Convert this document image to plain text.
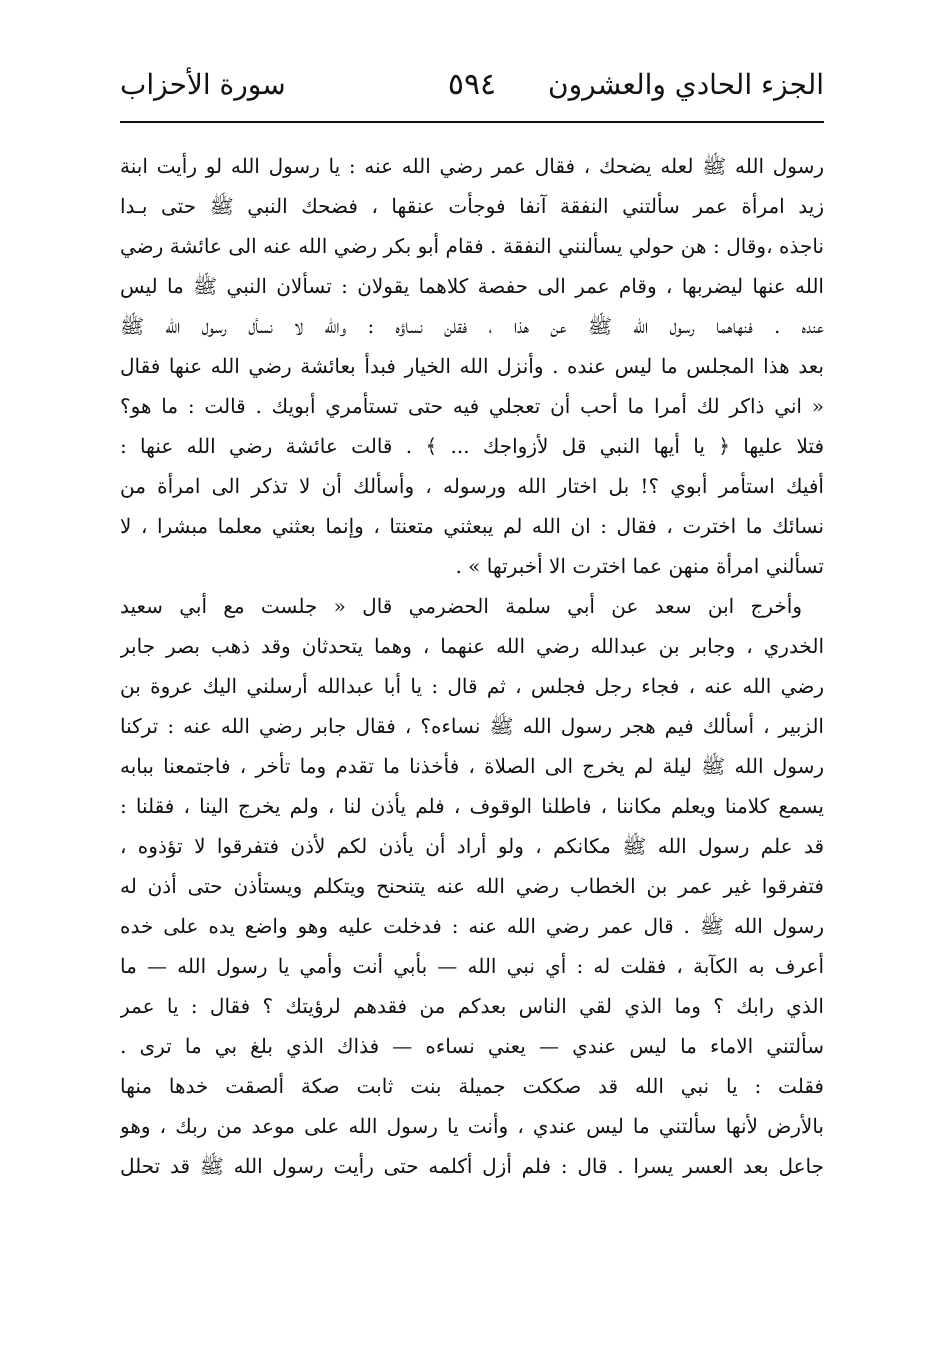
الجزء الحادي والعشرون
٥٩٤
سورة الأحزاب
رسول الله ﷺ لعله يضحك ، فقال عمر رضي الله عنه : يا رسول الله لو رأيت ابنة
زيد امرأة عمر سألتني النفقة آنفا فوجأت عنقها ، فضحك النبي ﷺ حتى بـدا
ناجذه ،وقال : هن حولي يسألنني النفقة . فقام أبو بكر رضي الله عنه الى عائشة رضي
الله عنها ليضربها ، وقام عمر الى حفصة كلاهما يقولان : تسألان النبي ﷺ ما ليس
عنده . فنهاهما رسول الله ﷺ عن هذا ، فقلن نساؤه : والله لا نسأل رسول الله ﷺ
بعد هذا المجلس ما ليس عنده . وأنزل الله الخيار فبدأ بعائشة رضي الله عنها فقال
« اني ذاكر لك أمرا ما أحب أن تعجلي فيه حتى تستأمري أبويك . قالت : ما هو؟
فتلا عليها ﴿ يا أيها النبي قل لأزواجك ... ﴾ . قالت عائشة رضي الله عنها :
أفيك استأمر أبوي ؟! بل اختار الله ورسوله ، وأسألك أن لا تذكر الى امرأة من
نسائك ما اخترت ، فقال : ان الله لم يبعثني متعنتا ، وإنما بعثني معلما مبشرا ، لا
تسألني امرأة منهن عما اخترت الا أخبرتها » .
وأخرج ابن سعد عن أبي سلمة الحضرمي قال « جلست مع أبي سعيد
الخدري ، وجابر بن عبدالله رضي الله عنهما ، وهما يتحدثان وقد ذهب بصر جابر
رضي الله عنه ، فجاء رجل فجلس ، ثم قال : يا أبا عبدالله أرسلني اليك عروة بن
الزبير ، أسألك فيم هجر رسول الله ﷺ نساءه؟ ، فقال جابر رضي الله عنه : تركنا
رسول الله ﷺ ليلة لم يخرج الى الصلاة ، فأخذنا ما تقدم وما تأخر ، فاجتمعنا ببابه
يسمع كلامنا ويعلم مكاننا ، فاطلنا الوقوف ، فلم يأذن لنا ، ولم يخرج الينا ، فقلنا :
قد علم رسول الله ﷺ مكانكم ، ولو أراد أن يأذن لكم لأذن فتفرقوا لا تؤذوه ،
فتفرقوا غير عمر بن الخطاب رضي الله عنه يتنحنح ويتكلم ويستأذن حتى أذن له
رسول الله ﷺ . قال عمر رضي الله عنه : فدخلت عليه وهو واضع يده على خده
أعرف به الكآبة ، فقلت له : أي نبي الله — بأبي أنت وأمي يا رسول الله — ما
الذي رابك ؟ وما الذي لقي الناس بعدكم من فقدهم لرؤيتك ؟ فقال : يا عمر
سألتني الاماء ما ليس عندي — يعني نساءه — فذاك الذي بلغ بي ما ترى .
فقلت : يا نبي الله قد صككت جميلة بنت ثابت صكة ألصقت خدها منها
بالأرض لأنها سألتني ما ليس عندي ، وأنت يا رسول الله على موعد من ربك ، وهو
جاعل بعد العسر يسرا . قال : فلم أزل أكلمه حتى رأيت رسول الله ﷺ قد تحلل
